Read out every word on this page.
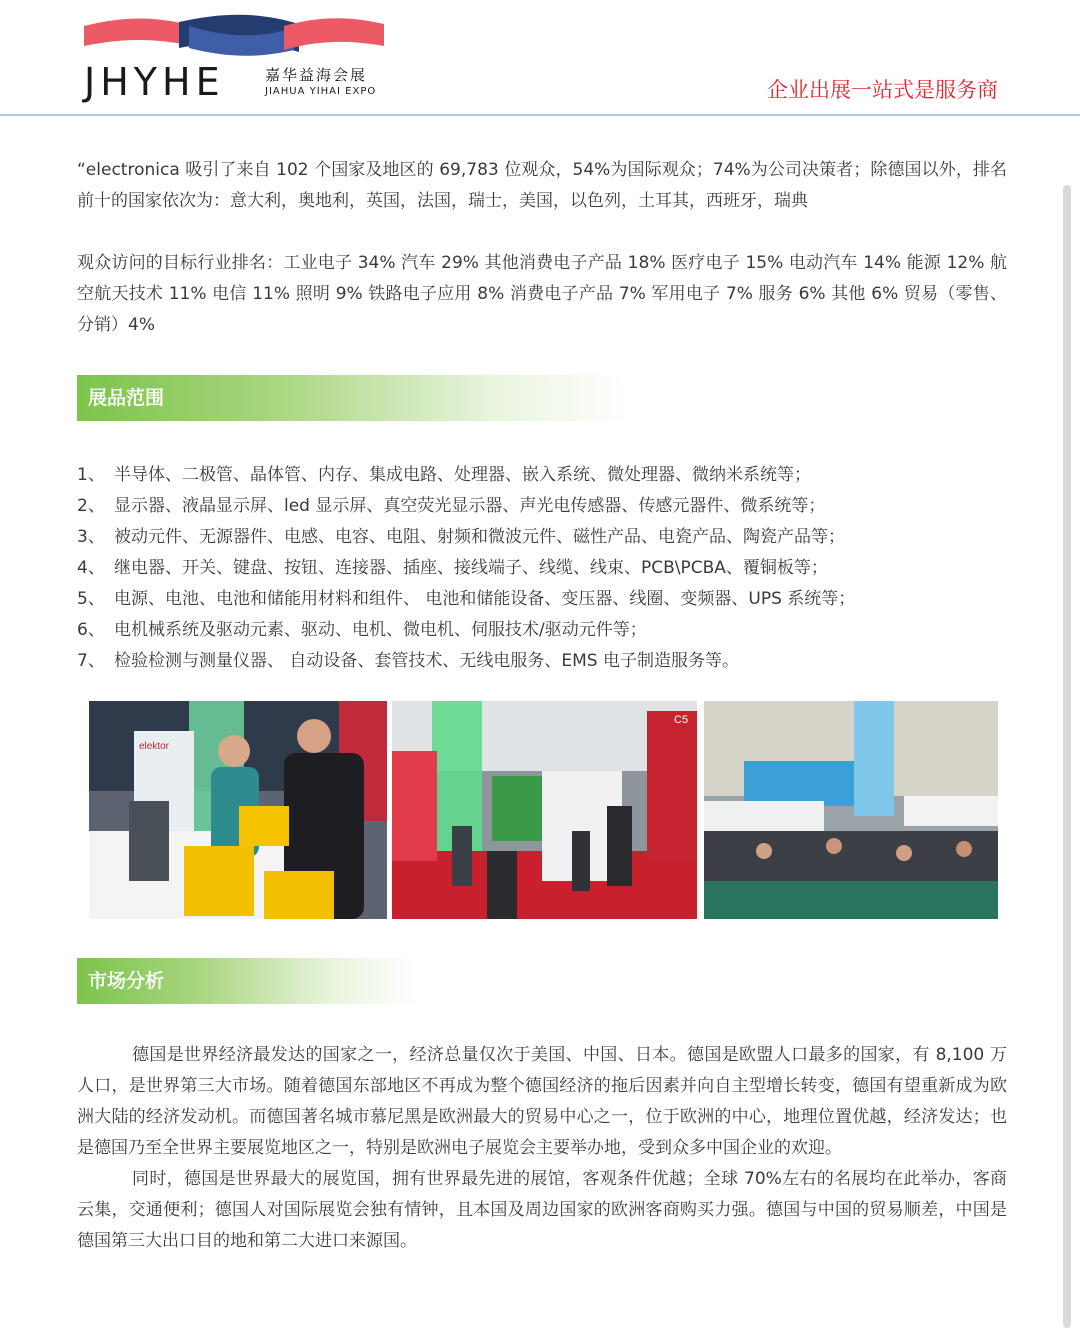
JHYHE	嘉华益海会展
JIAHUA YIHAI EXPO	企业出展一站式是服务商

“electronica 吸引了来自 102 个国家及地区的 69,783 位观众，54%为国际观众；74%为公司决策者；除德国以外，排名前十的国家依次为：意大利，奥地利，英国，法国，瑞士，美国，以色列，土耳其，西班牙，瑞典

观众访问的目标行业排名：工业电子 34% 汽车 29% 其他消费电子产品 18% 医疗电子 15% 电动汽车 14% 能源 12% 航空航天技术 11% 电信 11% 照明 9% 铁路电子应用 8% 消费电子产品 7% 军用电子 7% 服务 6% 其他 6% 贸易（零售、分销）4%

展品范围
1、 半导体、二极管、晶体管、内存、集成电路、处理器、嵌入系统、微处理器、微纳米系统等；
2、 显示器、液晶显示屏、led 显示屏、真空荧光显示器、声光电传感器、传感元器件、微系统等；
3、 被动元件、无源器件、电感、电容、电阻、射频和微波元件、磁性产品、电瓷产品、陶瓷产品等；
4、 继电器、开关、键盘、按钮、连接器、插座、接线端子、线缆、线束、PCB\PCBA、覆铜板等；
5、 电源、电池、电池和储能用材料和组件、 电池和储能设备、变压器、线圈、变频器、UPS 系统等；
6、 电机械系统及驱动元素、驱动、电机、微电机、伺服技术/驱动元件等；
7、 检验检测与测量仪器、 自动设备、套管技术、无线电服务、EMS 电子制造服务等。
elektor
C5
市场分析

德国是世界经济最发达的国家之一，经济总量仅次于美国、中国、日本。德国是欧盟人口最多的国家，有 8,100 万人口，是世界第三大市场。随着德国东部地区不再成为整个德国经济的拖后因素并向自主型增长转变，德国有望重新成为欧洲大陆的经济发动机。而德国著名城市慕尼黑是欧洲最大的贸易中心之一，位于欧洲的中心，地理位置优越，经济发达；也是德国乃至全世界主要展览地区之一，特别是欧洲电子展览会主要举办地，受到众多中国企业的欢迎。

同时，德国是世界最大的展览国，拥有世界最先进的展馆，客观条件优越；全球 70%左右的名展均在此举办，客商云集，交通便利；德国人对国际展览会独有情钟，且本国及周边国家的欧洲客商购买力强。德国与中国的贸易顺差，中国是德国第三大出口目的地和第二大进口来源国。
